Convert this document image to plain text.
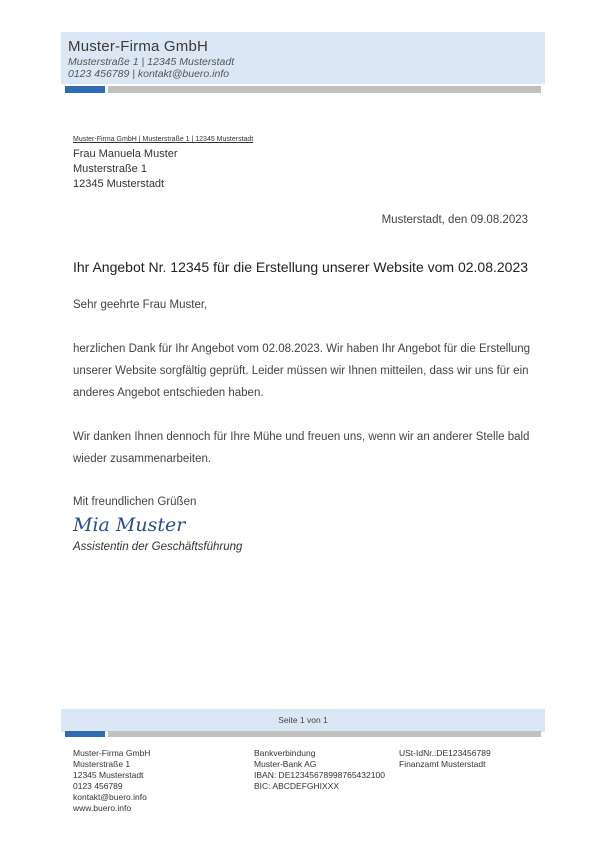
Muster-Firma GmbH
Musterstraße 1 | 12345 Musterstadt
0123 456789 | kontakt@buero.info
Muster-Firma GmbH | Musterstraße 1 | 12345 Musterstadt
Frau Manuela Muster
Musterstraße 1
12345 Musterstadt
Musterstadt, den 09.08.2023
Ihr Angebot Nr. 12345 für die Erstellung unserer Website vom 02.08.2023
Sehr geehrte Frau Muster,
herzlichen Dank für Ihr Angebot vom 02.08.2023. Wir haben Ihr Angebot für die Erstellung unserer Website sorgfältig geprüft. Leider müssen wir Ihnen mitteilen, dass wir uns für ein anderes Angebot entschieden haben.
Wir danken Ihnen dennoch für Ihre Mühe und freuen uns, wenn wir an anderer Stelle bald wieder zusammenarbeiten.
Mit freundlichen Grüßen
Mia Muster
Assistentin der Geschäftsführung
Seite 1 von 1
Muster-Firma GmbH
Musterstraße 1
12345 Musterstadt
0123 456789
kontakt@buero.info
www.buero.info
Bankverbindung
Muster-Bank AG
IBAN: DE12345678998765432100
BIC: ABCDEFGHIXXX
USt-IdNr.:DE123456789
Finanzamt Musterstadt
